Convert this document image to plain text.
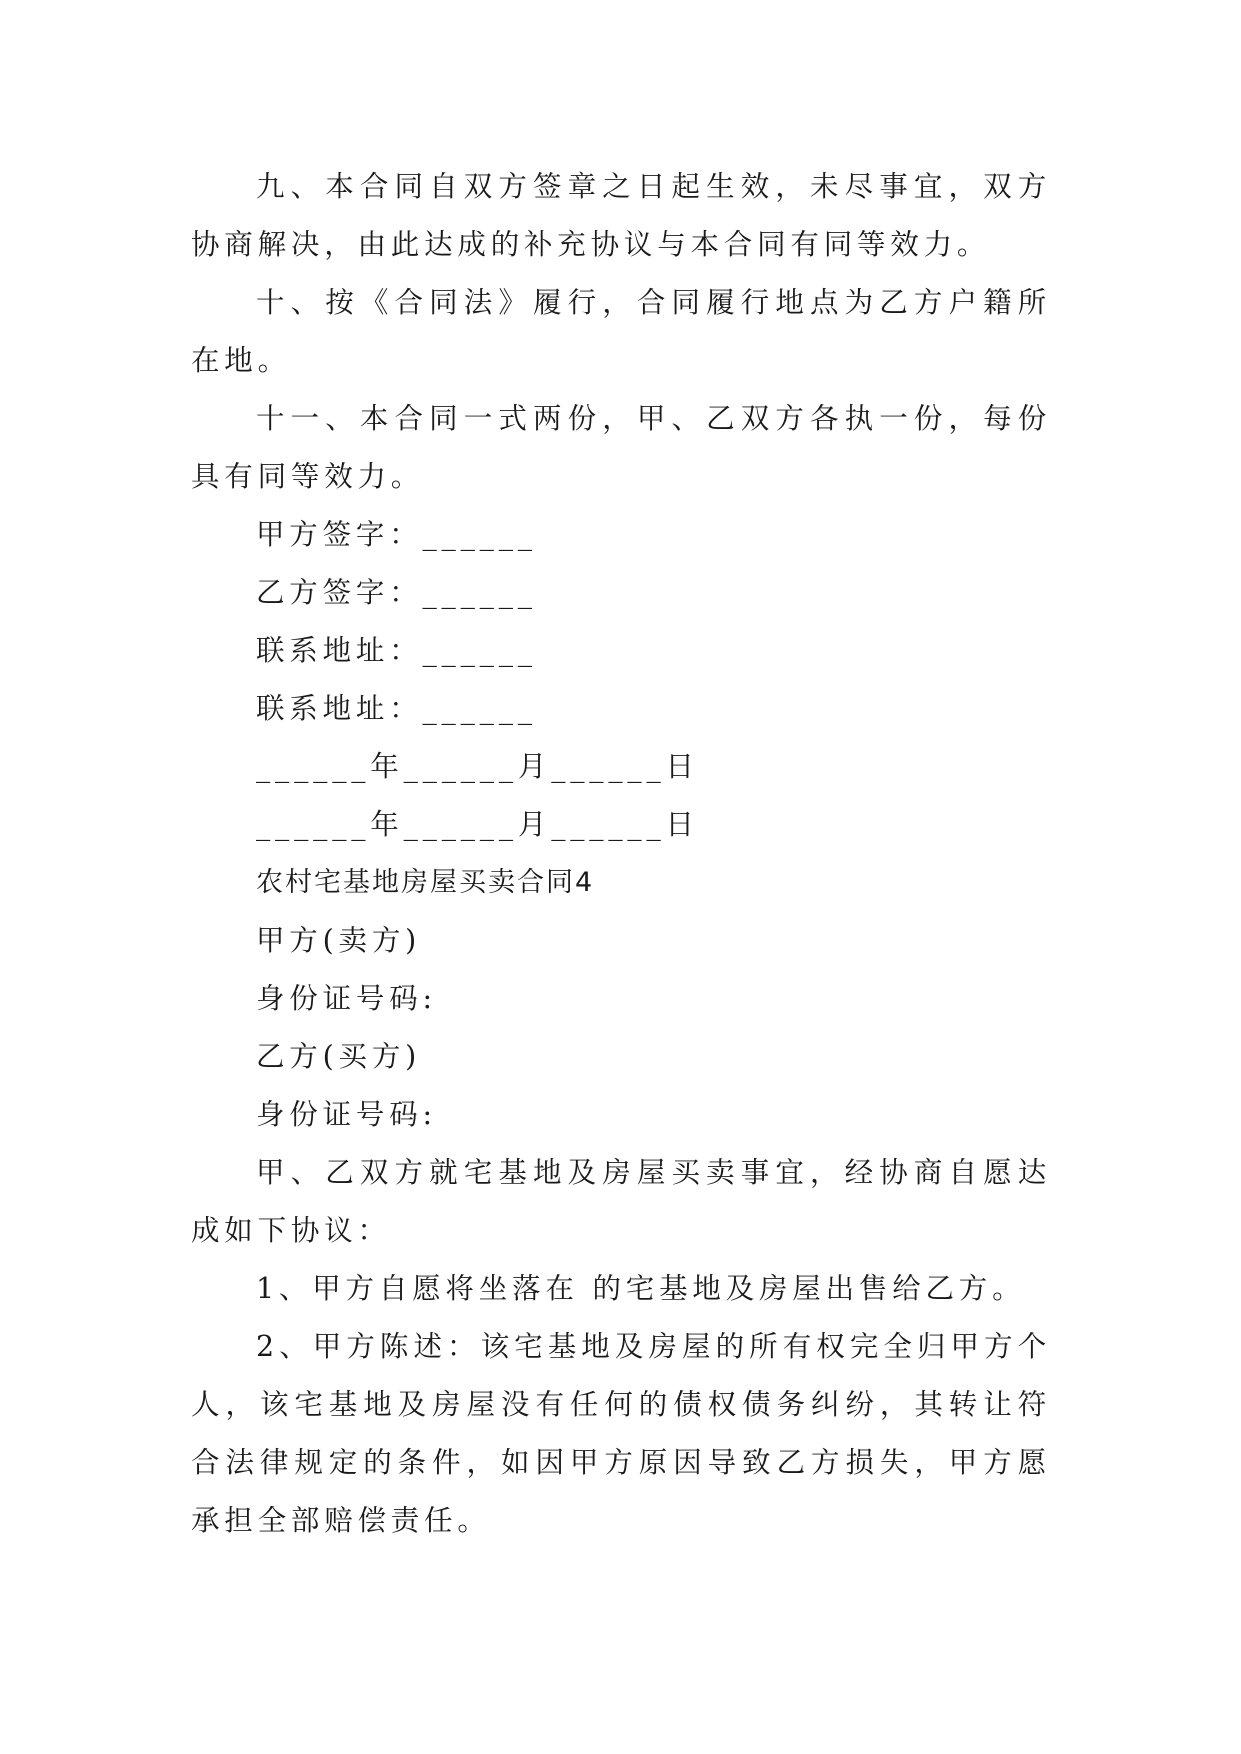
九、本合同自双方签章之日起生效，未尽事宜，双方协商解决，由此达成的补充协议与本合同有同等效力。

十、按《合同法》履行，合同履行地点为乙方户籍所在地。

十一、本合同一式两份，甲、乙双方各执一份，每份具有同等效力。

甲方签字：______

乙方签字：______

联系地址：______

联系地址：______

______年______月______日

______年______月______日

农村宅基地房屋买卖合同4

甲方(卖方)

身份证号码:

乙方(买方)

身份证号码:

甲、乙双方就宅基地及房屋买卖事宜，经协商自愿达成如下协议：

1、甲方自愿将坐落在 的宅基地及房屋出售给乙方。

2、甲方陈述：该宅基地及房屋的所有权完全归甲方个人，该宅基地及房屋没有任何的债权债务纠纷，其转让符合法律规定的条件，如因甲方原因导致乙方损失，甲方愿承担全部赔偿责任。
